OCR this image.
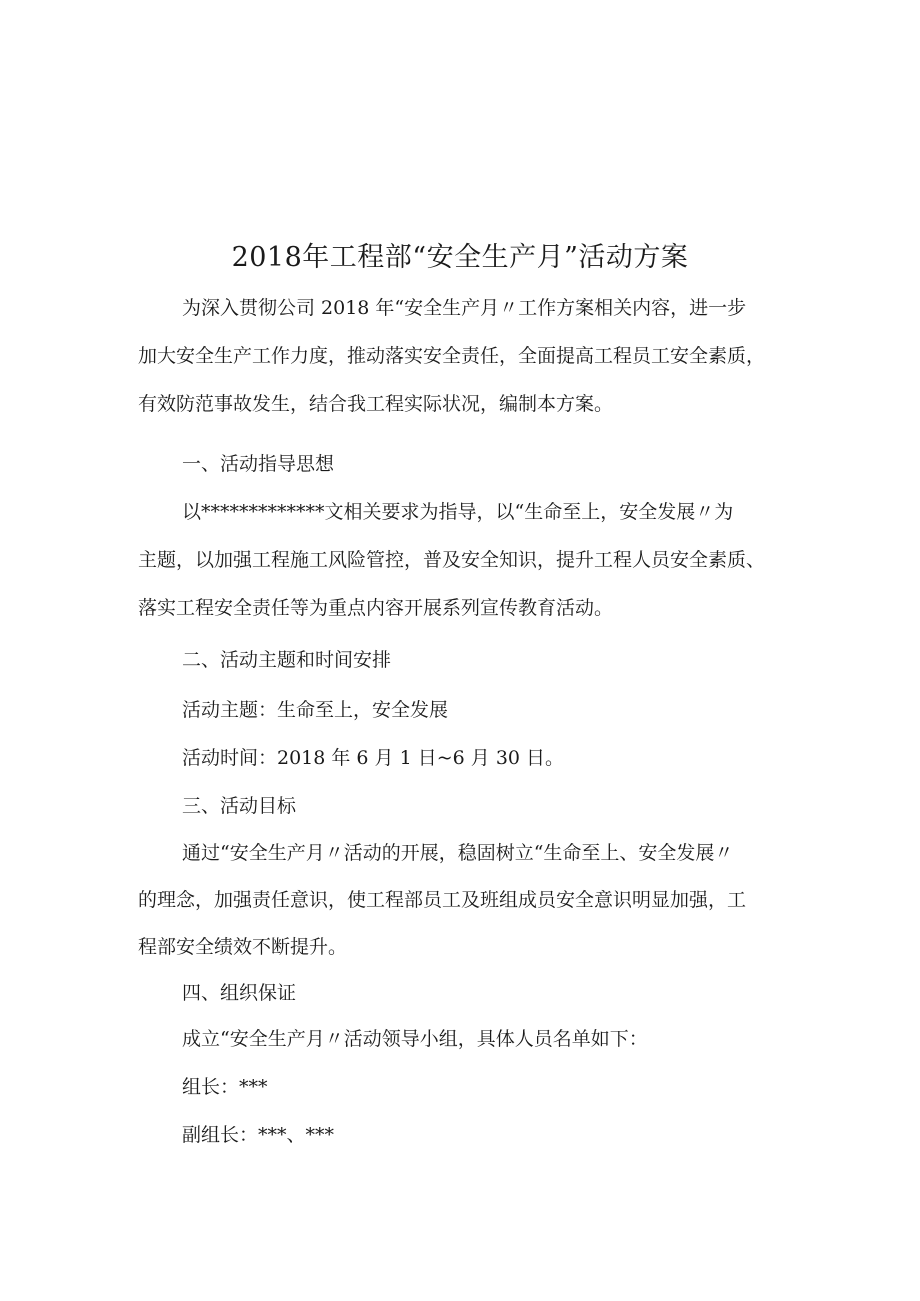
2018年工程部“安全生产月”活动方案
为深入贯彻公司 2018 年“安全生产月〃工作方案相关内容，进一步
加大安全生产工作力度，推动落实安全责任，全面提高工程员工安全素质，
有效防范事故发生，结合我工程实际状况，编制本方案。
一、活动指导思想
以*************文相关要求为指导，以“生命至上，安全发展〃为
主题，以加强工程施工风险管控，普及安全知识，提升工程人员安全素质、
落实工程安全责任等为重点内容开展系列宣传教育活动。
二、活动主题和时间安排
活动主题：生命至上，安全发展
活动时间：2018 年 6 月 1 日~6 月 30 日。
三、活动目标
通过“安全生产月〃活动的开展，稳固树立“生命至上、安全发展〃
的理念，加强责任意识，使工程部员工及班组成员安全意识明显加强，工
程部安全绩效不断提升。
四、组织保证
成立“安全生产月〃活动领导小组，具体人员名单如下：
组长：***
副组长：***、***
